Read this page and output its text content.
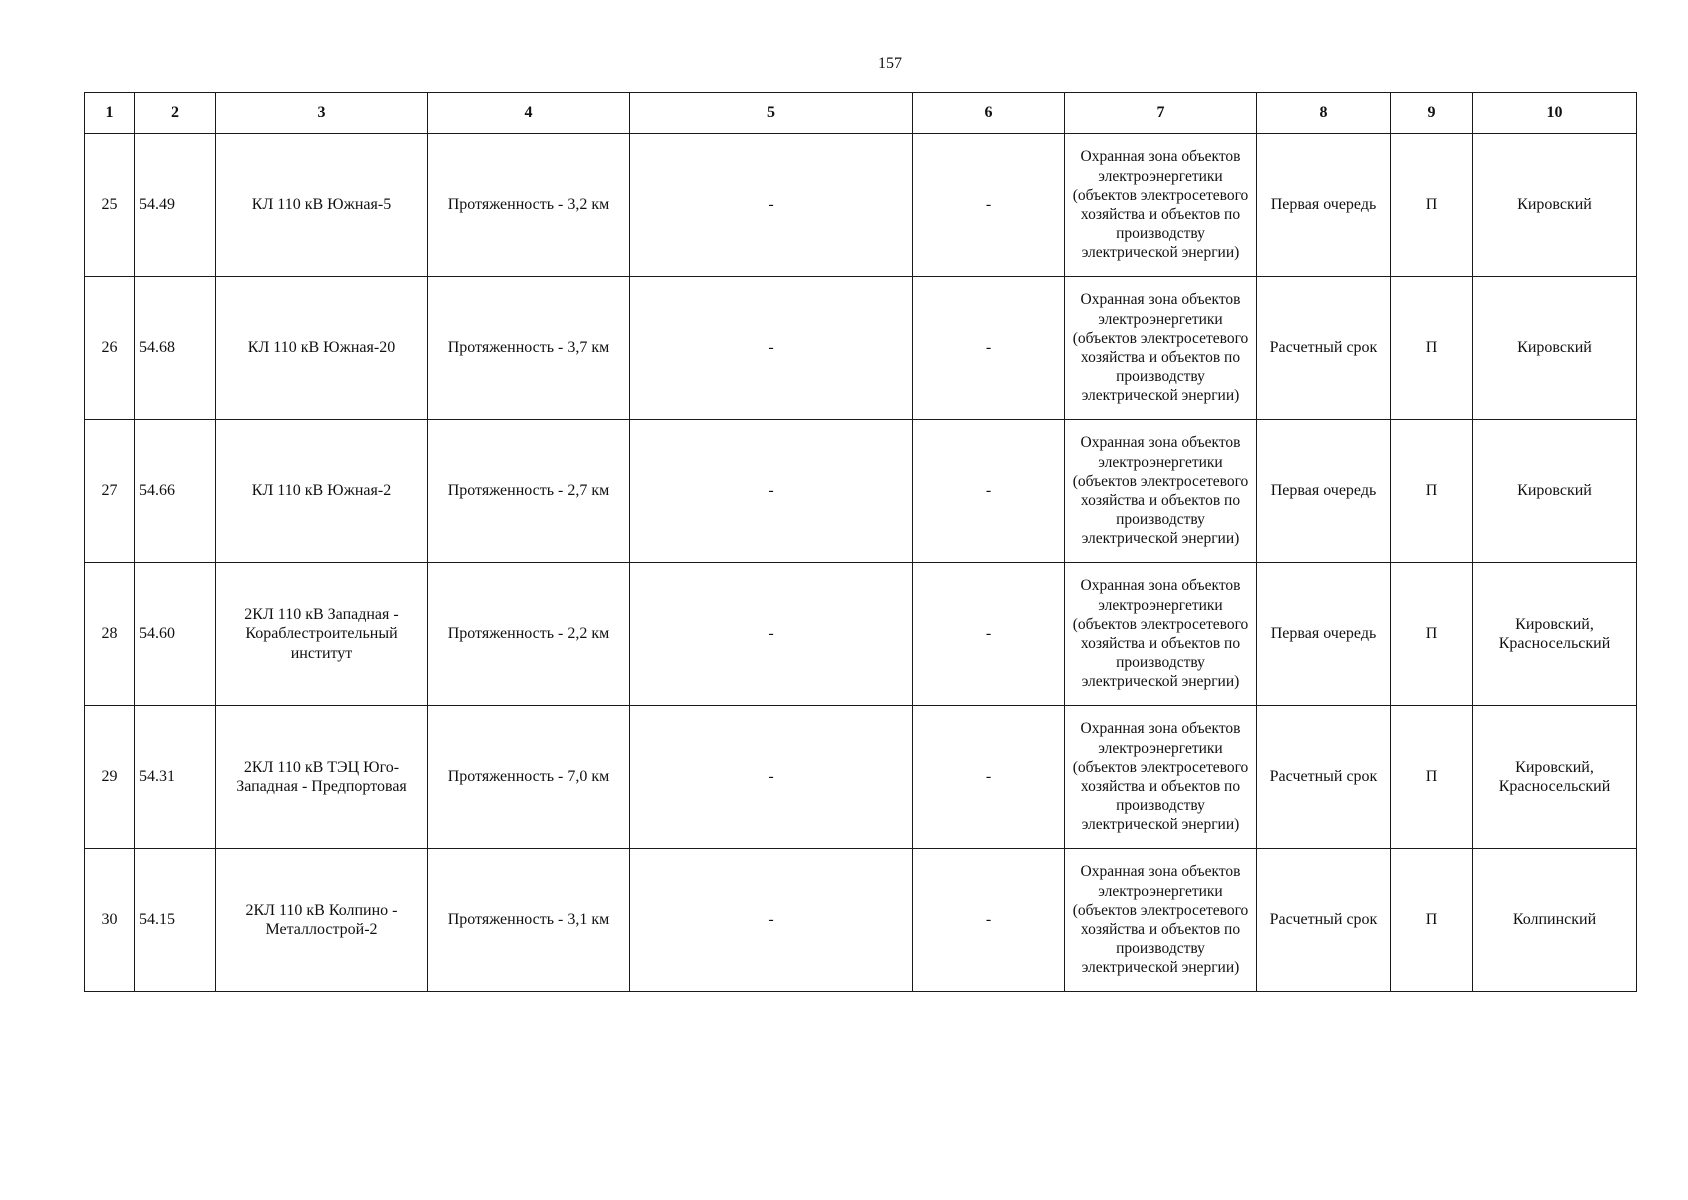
157
1	2	3	4	5	6	7	8	9	10
25	54.49	КЛ 110 кВ Южная-5	Протяженность - 3,2 км	-	-	Охранная зона объектов электроэнергетики (объектов электросетевого хозяйства и объектов по производству электрической энергии)	Первая очередь	П	Кировский
26	54.68	КЛ 110 кВ Южная-20	Протяженность - 3,7 км	-	-	Охранная зона объектов электроэнергетики (объектов электросетевого хозяйства и объектов по производству электрической энергии)	Расчетный срок	П	Кировский
27	54.66	КЛ 110 кВ Южная-2	Протяженность - 2,7 км	-	-	Охранная зона объектов электроэнергетики (объектов электросетевого хозяйства и объектов по производству электрической энергии)	Первая очередь	П	Кировский
28	54.60	2КЛ 110 кВ Западная - Кораблестроительный институт	Протяженность - 2,2 км	-	-	Охранная зона объектов электроэнергетики (объектов электросетевого хозяйства и объектов по производству электрической энергии)	Первая очередь	П	Кировский, Красносельский
29	54.31	2КЛ 110 кВ ТЭЦ Юго-Западная - Предпортовая	Протяженность - 7,0 км	-	-	Охранная зона объектов электроэнергетики (объектов электросетевого хозяйства и объектов по производству электрической энергии)	Расчетный срок	П	Кировский, Красносельский
30	54.15	2КЛ 110 кВ Колпино - Металлострой-2	Протяженность - 3,1 км	-	-	Охранная зона объектов электроэнергетики (объектов электросетевого хозяйства и объектов по производству электрической энергии)	Расчетный срок	П	Колпинский
